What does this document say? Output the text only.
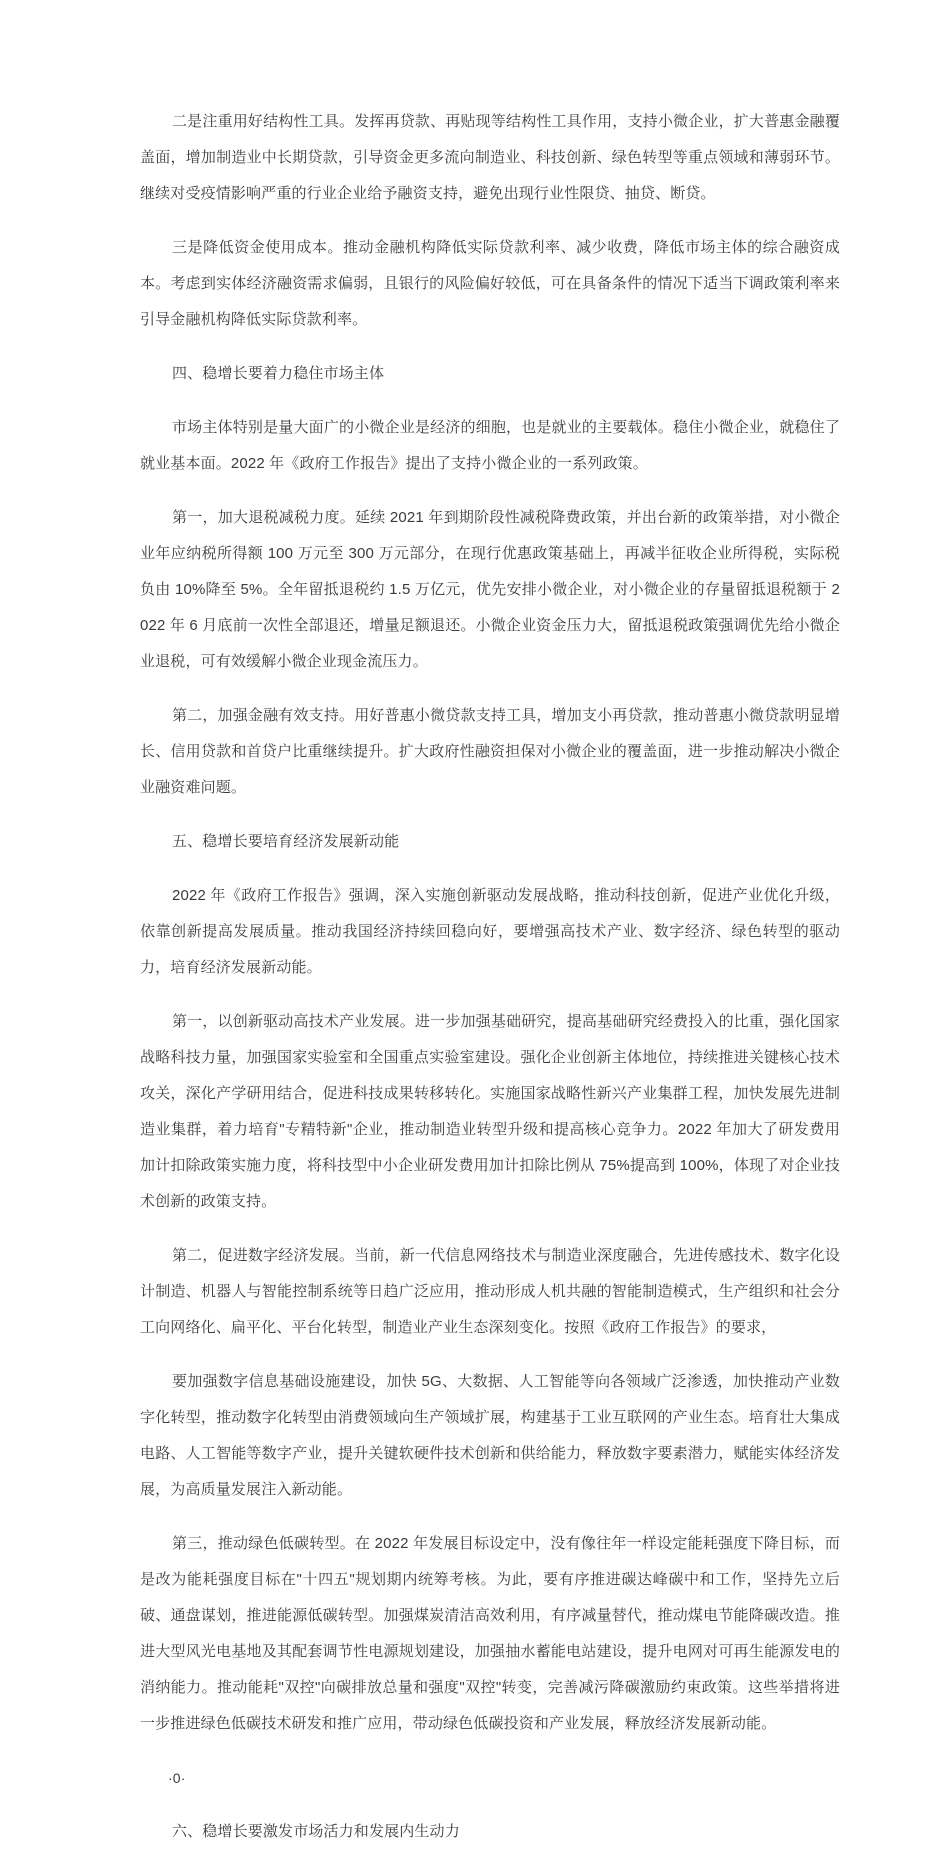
二是注重用好结构性工具。发挥再贷款、再贴现等结构性工具作用，支持小微企业，扩大普惠金融覆盖面，增加制造业中长期贷款，引导资金更多流向制造业、科技创新、绿色转型等重点领域和薄弱环节。继续对受疫情影响严重的行业企业给予融资支持，避免出现行业性限贷、抽贷、断贷。

三是降低资金使用成本。推动金融机构降低实际贷款利率、减少收费，降低市场主体的综合融资成本。考虑到实体经济融资需求偏弱，且银行的风险偏好较低，可在具备条件的情况下适当下调政策利率来引导金融机构降低实际贷款利率。

四、稳增长要着力稳住市场主体

市场主体特别是量大面广的小微企业是经济的细胞，也是就业的主要载体。稳住小微企业，就稳住了就业基本面。2022 年《政府工作报告》提出了支持小微企业的一系列政策。

第一，加大退税减税力度。延续 2021 年到期阶段性减税降费政策，并出台新的政策举措，对小微企业年应纳税所得额 100 万元至 300 万元部分，在现行优惠政策基础上，再减半征收企业所得税，实际税负由 10%降至 5%。全年留抵退税约 1.5 万亿元，优先安排小微企业，对小微企业的存量留抵退税额于 2022 年 6 月底前一次性全部退还，增量足额退还。小微企业资金压力大，留抵退税政策强调优先给小微企业退税，可有效缓解小微企业现金流压力。

第二，加强金融有效支持。用好普惠小微贷款支持工具，增加支小再贷款，推动普惠小微贷款明显增长、信用贷款和首贷户比重继续提升。扩大政府性融资担保对小微企业的覆盖面，进一步推动解决小微企业融资难问题。

五、稳增长要培育经济发展新动能

2022 年《政府工作报告》强调，深入实施创新驱动发展战略，推动科技创新，促进产业优化升级，依靠创新提高发展质量。推动我国经济持续回稳向好，要增强高技术产业、数字经济、绿色转型的驱动力，培育经济发展新动能。

第一，以创新驱动高技术产业发展。进一步加强基础研究，提高基础研究经费投入的比重，强化国家战略科技力量，加强国家实验室和全国重点实验室建设。强化企业创新主体地位，持续推进关键核心技术攻关，深化产学研用结合，促进科技成果转移转化。实施国家战略性新兴产业集群工程，加快发展先进制造业集群，着力培育"专精特新"企业，推动制造业转型升级和提高核心竞争力。2022 年加大了研发费用加计扣除政策实施力度，将科技型中小企业研发费用加计扣除比例从 75%提高到 100%，体现了对企业技术创新的政策支持。

第二，促进数字经济发展。当前，新一代信息网络技术与制造业深度融合，先进传感技术、数字化设计制造、机器人与智能控制系统等日趋广泛应用，推动形成人机共融的智能制造模式，生产组织和社会分工向网络化、扁平化、平台化转型，制造业产业生态深刻变化。按照《政府工作报告》的要求，

要加强数字信息基础设施建设，加快 5G、大数据、人工智能等向各领域广泛渗透，加快推动产业数字化转型，推动数字化转型由消费领域向生产领域扩展，构建基于工业互联网的产业生态。培育壮大集成电路、人工智能等数字产业，提升关键软硬件技术创新和供给能力，释放数字要素潜力，赋能实体经济发展，为高质量发展注入新动能。

第三，推动绿色低碳转型。在 2022 年发展目标设定中，没有像往年一样设定能耗强度下降目标，而是改为能耗强度目标在"十四五"规划期内统筹考核。为此，要有序推进碳达峰碳中和工作，坚持先立后破、通盘谋划，推进能源低碳转型。加强煤炭清洁高效利用，有序减量替代，推动煤电节能降碳改造。推进大型风光电基地及其配套调节性电源规划建设，加强抽水蓄能电站建设，提升电网对可再生能源发电的消纳能力。推动能耗"双控"向碳排放总量和强度"双控"转变，完善减污降碳激励约束政策。这些举措将进一步推进绿色低碳技术研发和推广应用，带动绿色低碳投资和产业发展，释放经济发展新动能。

·0·

六、稳增长要激发市场活力和发展内生动力
